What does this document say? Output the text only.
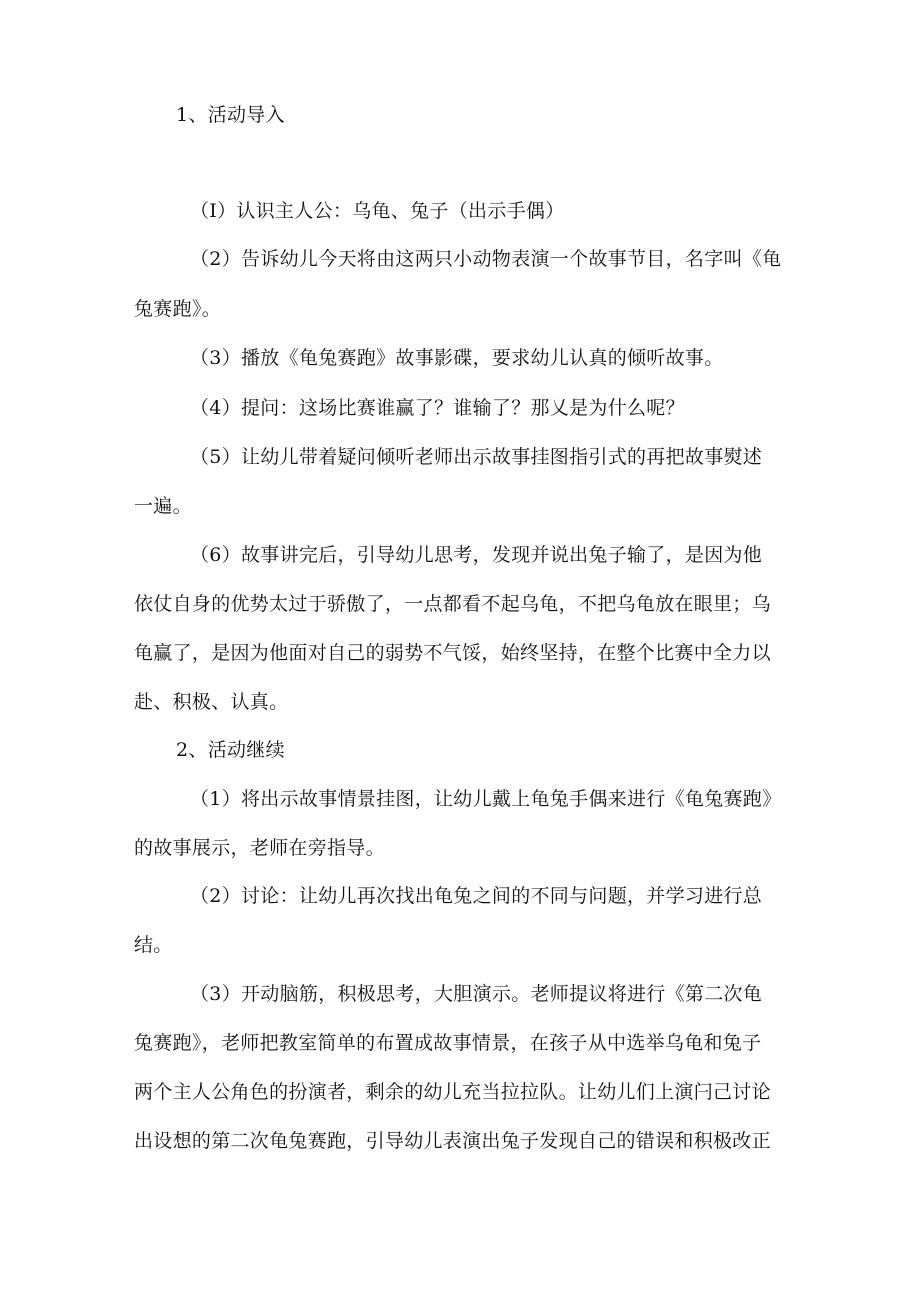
1、活动导入
（I）认识主人公：乌龟、兔子（出示手偶）
（2）告诉幼儿今天将由这两只小动物表演一个故事节目，名字叫《龟
兔赛跑》。
（3）播放《龟兔赛跑》故事影碟，要求幼儿认真的倾听故事。
（4）提问：这场比赛谁赢了？谁输了？那乂是为什么呢？
（5）让幼儿带着疑问倾听老师出示故事挂图指引式的再把故事熨述
一遍。
（6）故事讲完后，引导幼儿思考，发现并说出兔子输了，是因为他
依仗自身的优势太过于骄傲了，一点都看不起乌龟，不把乌龟放在眼里；乌
龟赢了，是因为他面对自己的弱势不气馁，始终坚持，在整个比赛中全力以
赴、积极、认真。
2、活动继续
（1）将出示故事情景挂图，让幼儿戴上龟兔手偶来进行《龟兔赛跑》
的故事展示，老师在旁指导。
（2）讨论：让幼儿再次找出龟兔之间的不同与问题，并学习进行总
结。
（3）开动脑筋，积极思考，大胆演示。老师提议将进行《第二次龟
兔赛跑》，老师把教室简单的布置成故事情景，在孩子从中选举乌龟和兔子
两个主人公角色的扮演者，剩余的幼儿充当拉拉队。让幼儿们上演闩己讨论
出设想的第二次龟兔赛跑，引导幼儿表演出兔子发现自己的错误和积极改正
